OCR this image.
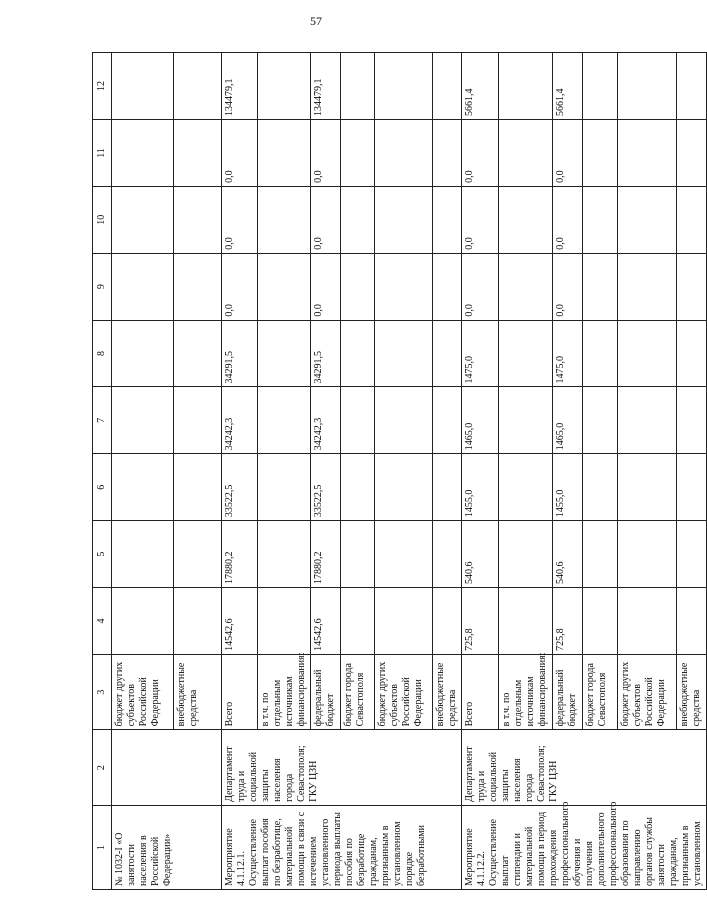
57
1	2	3	4	5	6	7	8	9	10	11	12
№ 1032-I «О занятости населения в Российской Федерации»		бюджет других субъектов Российской Федерации									
		внебюджетные средства									
Мероприятие 4.1.12.1. Осуществление выплат пособия по безработице, материальной помощи в связи с истечением установленного периода выплаты пособия по безработице гражданам, признанным в установленном порядке безработными	Департамент труда и социальной защиты населения города Севастополя; ГКУ ЦЗН	Всего	14542,6	17880,2	33522,5	34242,3	34291,5	0,0	0,0	0,0	134479,1
		в т.ч. по отдельным источникам финансирования:									
		федеральный бюджет	14542,6	17880,2	33522,5	34242,3	34291,5	0,0	0,0	0,0	134479,1
		бюджет города Севастополя									
		бюджет других субъектов Российской Федерации									
		внебюджетные средства									
Мероприятие 4.1.12.2. Осуществление выплат стипендии и материальной помощи в период прохождения профессионального обучения и получения дополнительного профессионального образования по направлению органов службы занятости гражданам, признанным в установленном	Департамент труда и социальной защиты населения города Севастополя; ГКУ ЦЗН	Всего	725,8	540,6	1455,0	1465,0	1475,0	0,0	0,0	0,0	5661,4
		в т.ч. по отдельным источникам финансирования:									
		федеральный бюджет	725,8	540,6	1455,0	1465,0	1475,0	0,0	0,0	0,0	5661,4
		бюджет города Севастополя									
		бюджет других субъектов Российской Федерации									
		внебюджетные средства									
